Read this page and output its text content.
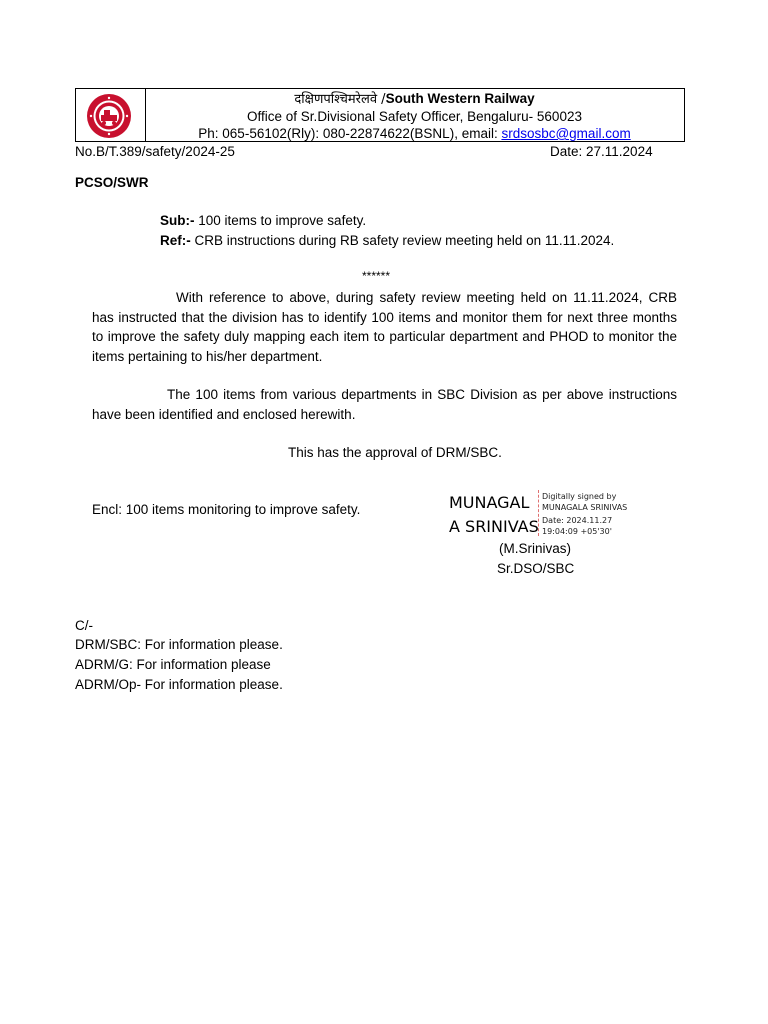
दक्षिणपश्चिमरेलवे /South Western Railway
Office of Sr.Divisional Safety Officer, Bengaluru- 560023
Ph: 065-56102(Rly): 080-22874622(BSNL), email: srdsosbc@gmail.com
No.B/T.389/safety/2024-25	Date: 27.11.2024
PCSO/SWR
Sub:- 100 items to improve safety.
Ref:- CRB instructions during RB safety review meeting held on 11.11.2024.
******
With reference to above, during safety review meeting held on 11.11.2024, CRB has instructed that the division has to identify 100 items and monitor them for next three months to improve the safety duly mapping each item to particular department and PHOD to monitor the items pertaining to his/her department.
The 100 items from various departments in SBC Division as per above instructions have been identified and enclosed herewith.
This has the approval of DRM/SBC.
Encl: 100 items monitoring to improve safety.	MUNAGAL
A SRINIVAS
Digitally signed by
MUNAGALA SRINIVAS
Date: 2024.11.27
19:04:09 +05'30'
(M.Srinivas)
Sr.DSO/SBC
C/-
DRM/SBC: For information please.
ADRM/G: For information please
ADRM/Op- For information please.
